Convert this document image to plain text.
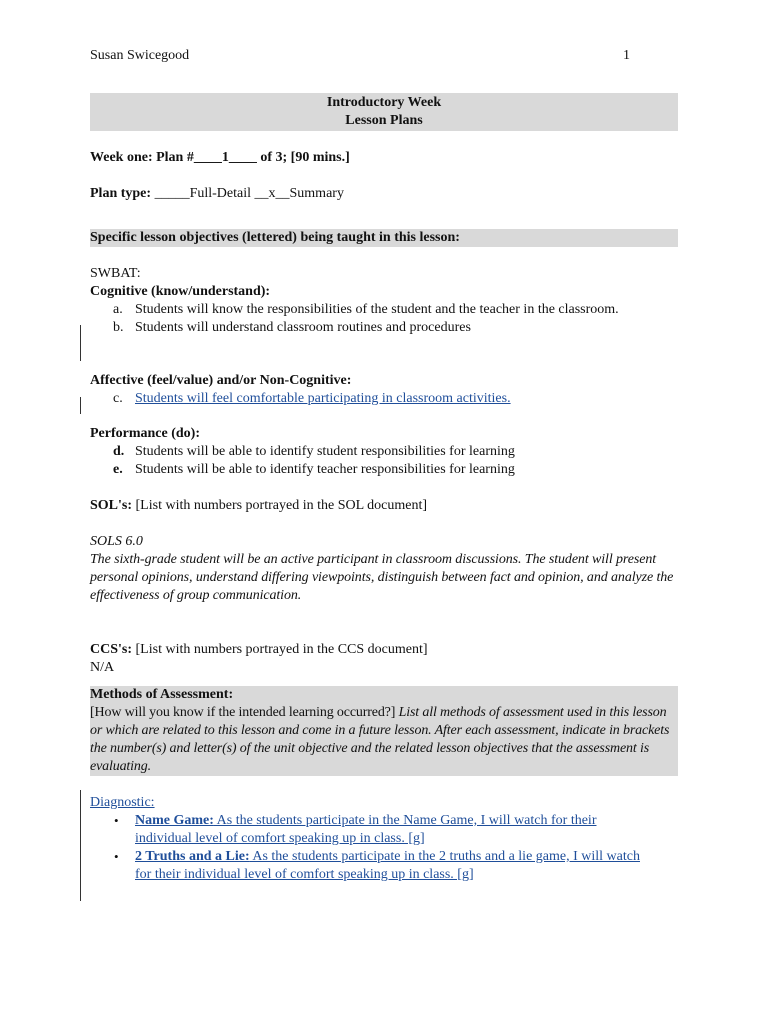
Susan Swicegood	1
Introductory Week
Lesson Plans
Week one: Plan #____1____ of 3; [90 mins.]
Plan type: _____Full-Detail __x__Summary
Specific lesson objectives (lettered) being taught in this lesson:
SWBAT:
Cognitive (know/understand):
a. Students will know the responsibilities of the student and the teacher in the classroom.
b. Students will understand classroom routines and procedures
Affective (feel/value) and/or Non-Cognitive:
c. Students will feel comfortable participating in classroom activities.
Performance (do):
d. Students will be able to identify student responsibilities for learning
e. Students will be able to identify teacher responsibilities for learning
SOL's: [List with numbers portrayed in the SOL document]
SOLS 6.0
The sixth-grade student will be an active participant in classroom discussions. The student will present personal opinions, understand differing viewpoints, distinguish between fact and opinion, and analyze the effectiveness of group communication.
CCS's: [List with numbers portrayed in the CCS document]
N/A
Methods of Assessment:
[How will you know if the intended learning occurred?] List all methods of assessment used in this lesson or which are related to this lesson and come in a future lesson. After each assessment, indicate in brackets the number(s) and letter(s) of the unit objective and the related lesson objectives that the assessment is evaluating.
Diagnostic:
• Name Game: As the students participate in the Name Game, I will watch for their individual level of comfort speaking up in class. [g]
• 2 Truths and a Lie: As the students participate in the 2 truths and a lie game, I will watch for their individual level of comfort speaking up in class. [g]
